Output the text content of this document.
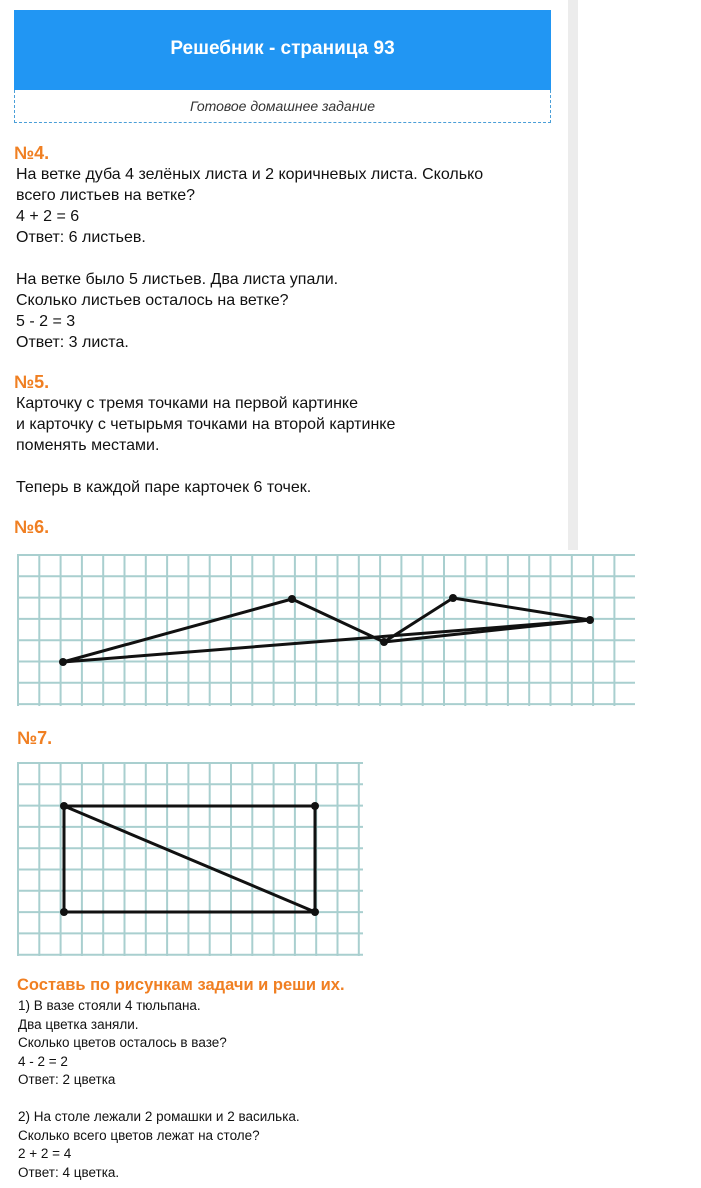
Решебник - страница 93
Готовое домашнее задание
№4.
На ветке дуба 4 зелёных листа и 2 коричневых листа. Сколько
всего листьев на ветке?
4 + 2 = 6
Ответ: 6 листьев.
На ветке было 5 листьев. Два листа упали.
Сколько листьев осталось на ветке?
5 - 2 = 3
Ответ: 3 листа.
№5.
Карточку с тремя точками на первой картинке
и карточку с четырьмя точками на второй картинке
поменять местами.
Теперь в каждой паре карточек 6 точек.
№6.
№7.
Составь по рисункам задачи и реши их.
1) В вазе стояли 4 тюльпана.
Два цветка заняли.
Сколько цветов осталось в вазе?
4 - 2 = 2
Ответ: 2 цветка
2) На столе лежали 2 ромашки и 2 василька.
Сколько всего цветов лежат на столе?
2 + 2 = 4
Ответ: 4 цветка.
